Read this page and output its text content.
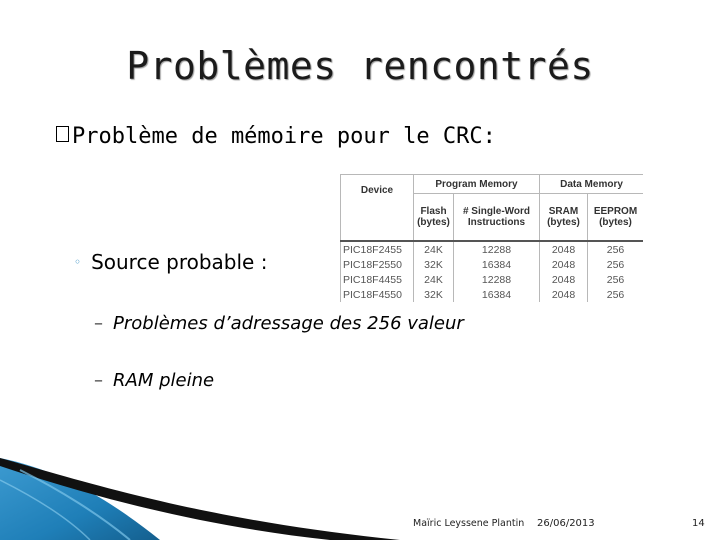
Problèmes rencontrés
Problème de mémoire pour le CRC:
◦ Source probable :
Device	Program Memory		Data Memory	
	Flash (bytes)	# Single-Word Instructions	SRAM (bytes)	EEPROM (bytes)
PIC18F2455	24K	12288	2048	256
PIC18F2550	32K	16384	2048	256
PIC18F4455	24K	12288	2048	256
PIC18F4550	32K	16384	2048	256
– Problèmes d’adressage des 256 valeur
– RAM pleine
Maïric Leyssene Plantin 26/06/2013	14
